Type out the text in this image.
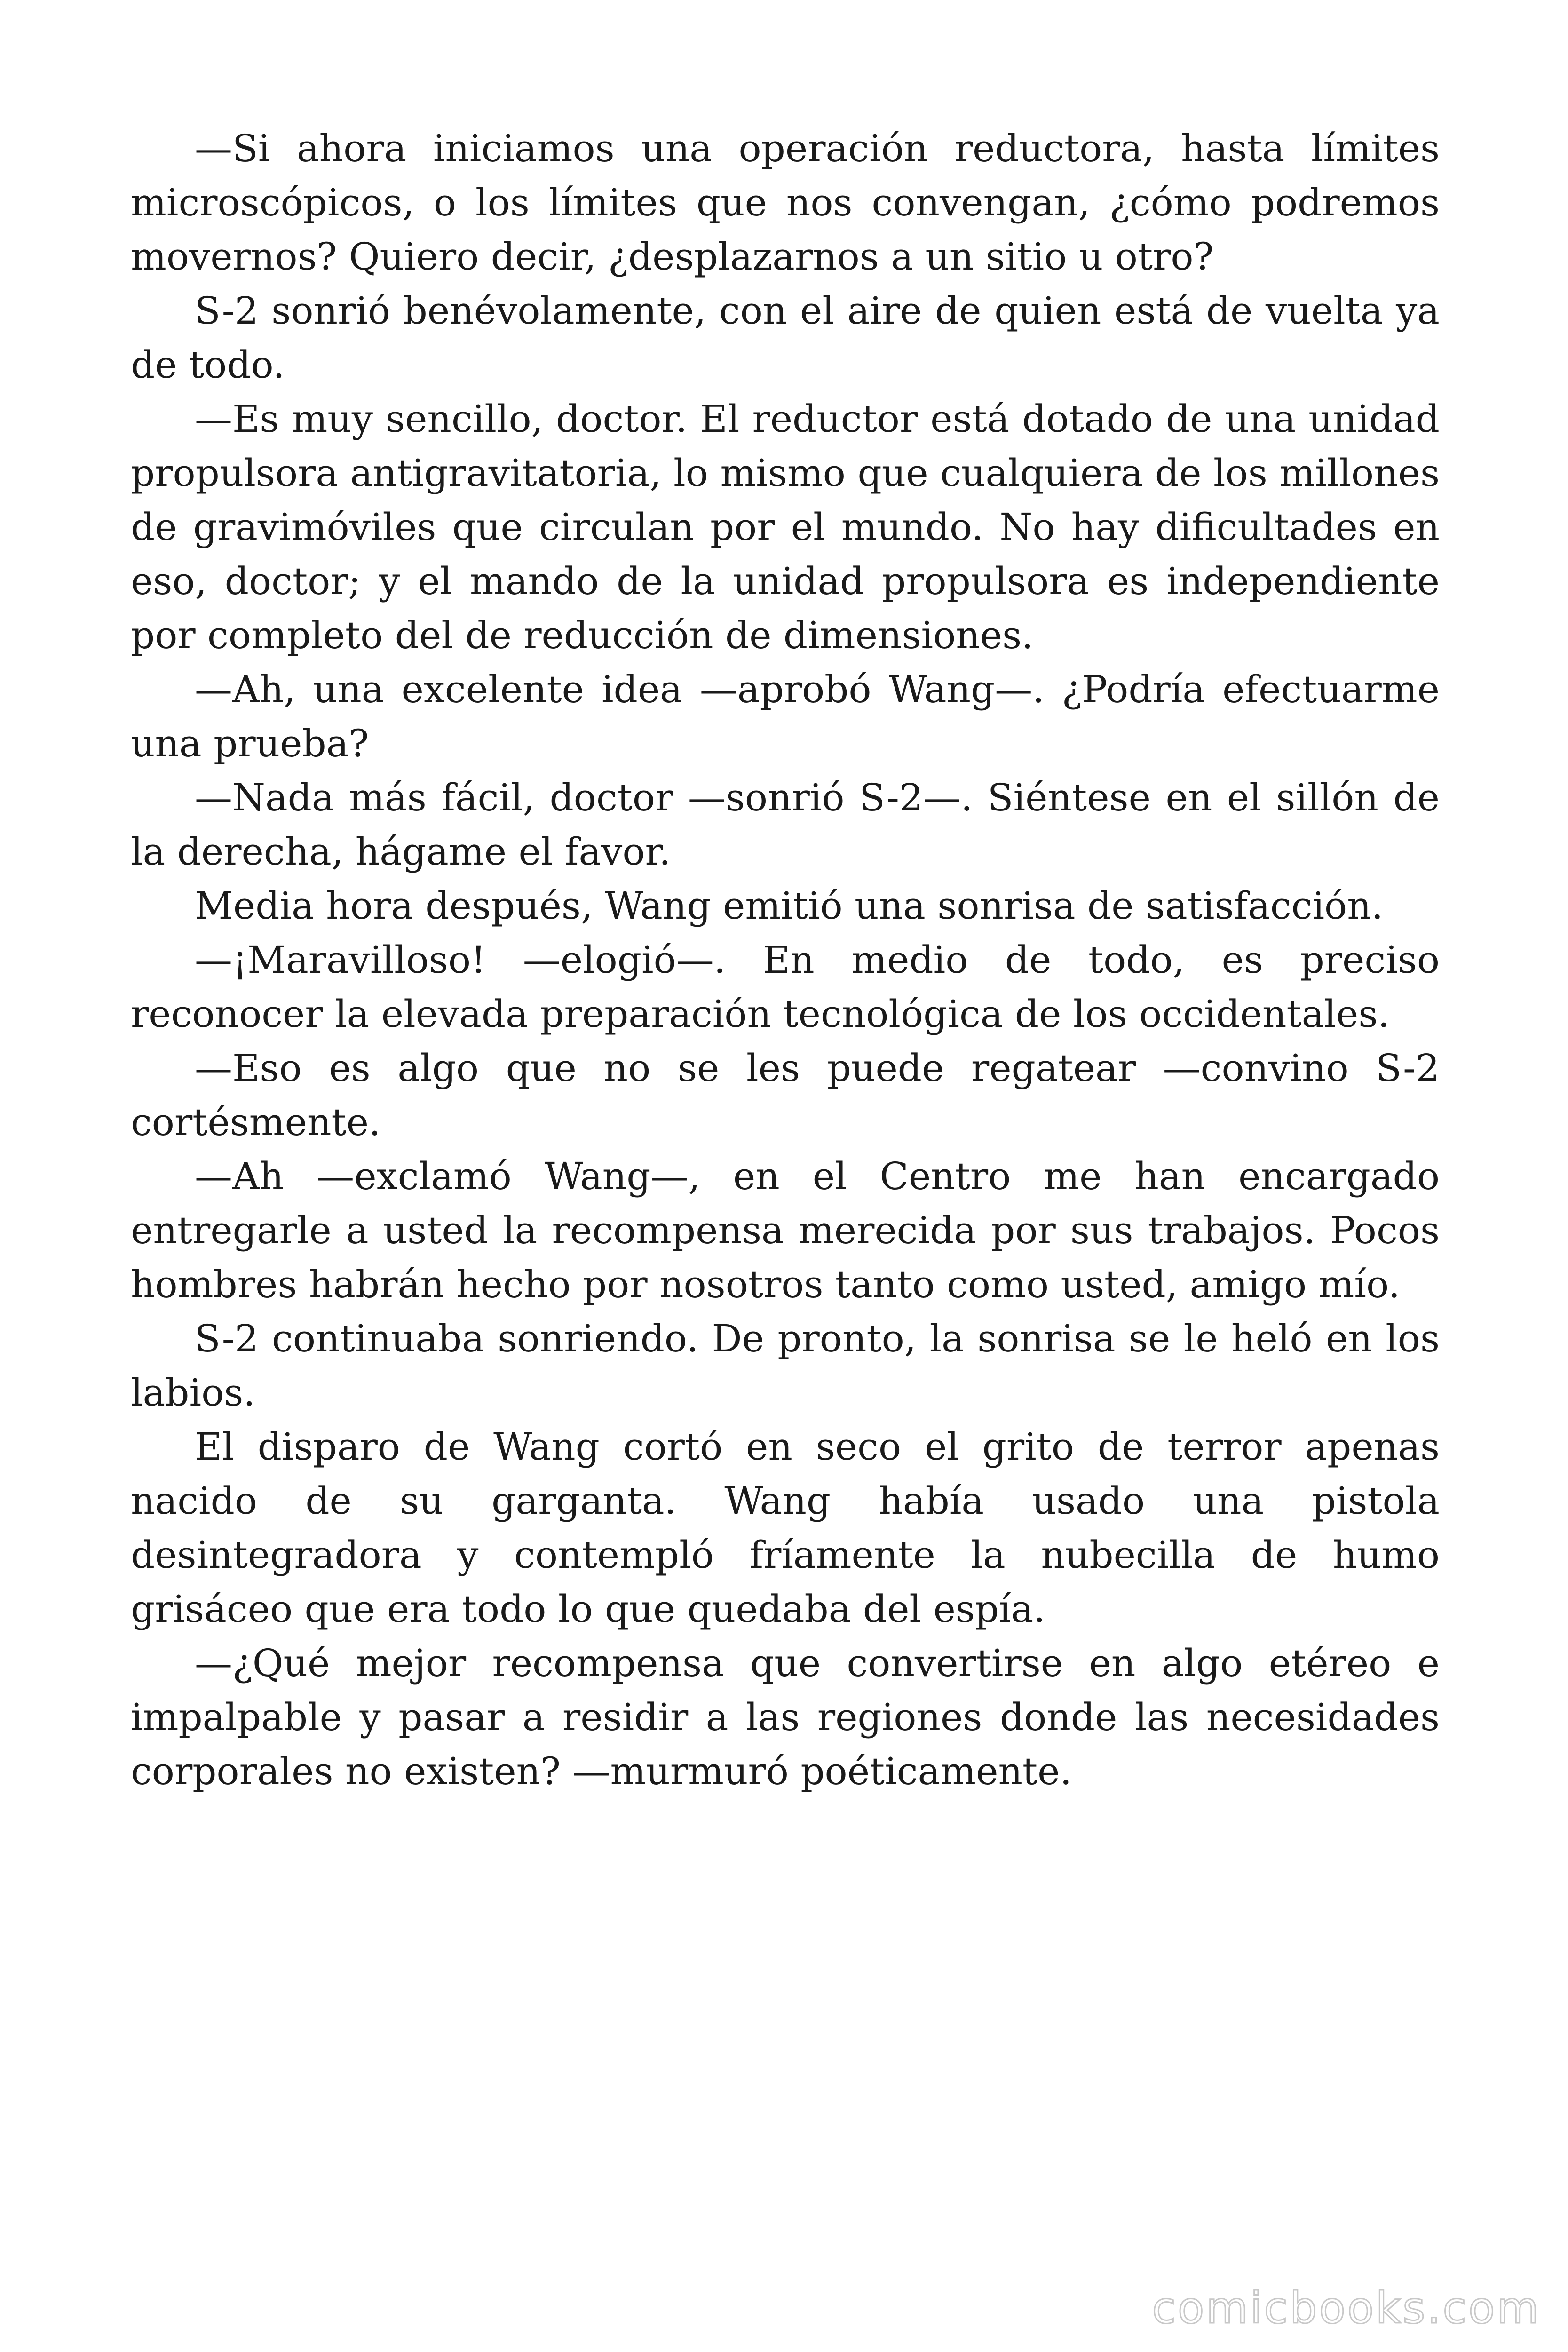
—Si ahora iniciamos una operación reductora, hasta límites microscópicos, o los límites que nos convengan, ¿cómo podremos movernos? Quiero decir, ¿desplazarnos a un sitio u otro?

S-2 sonrió benévolamente, con el aire de quien está de vuelta ya de todo.

—Es muy sencillo, doctor. El reductor está dotado de una unidad propulsora antigravitatoria, lo mismo que cualquiera de los millones de gravimóviles que circulan por el mundo. No hay dificultades en eso, doctor; y el mando de la unidad propulsora es independiente por completo del de reducción de dimensiones.

—Ah, una excelente idea —aprobó Wang—. ¿Podría efectuarme una prueba?

—Nada más fácil, doctor —sonrió S-2—. Siéntese en el sillón de la derecha, hágame el favor.

Media hora después, Wang emitió una sonrisa de satisfacción.

—¡Maravilloso! —elogió—. En medio de todo, es preciso reconocer la elevada preparación tecnológica de los occidentales.

—Eso es algo que no se les puede regatear —convino S-2 cortésmente.

—Ah —exclamó Wang—, en el Centro me han encargado entregarle a usted la recompensa merecida por sus trabajos. Pocos hombres habrán hecho por nosotros tanto como usted, amigo mío.

S-2 continuaba sonriendo. De pronto, la sonrisa se le heló en los labios.

El disparo de Wang cortó en seco el grito de terror apenas nacido de su garganta. Wang había usado una pistola desintegradora y contempló fríamente la nubecilla de humo grisáceo que era todo lo que quedaba del espía.

—¿Qué mejor recompensa que convertirse en algo etéreo e impalpable y pasar a residir a las regiones donde las necesidades corporales no existen? —murmuró poéticamente.

comicbooks.com
